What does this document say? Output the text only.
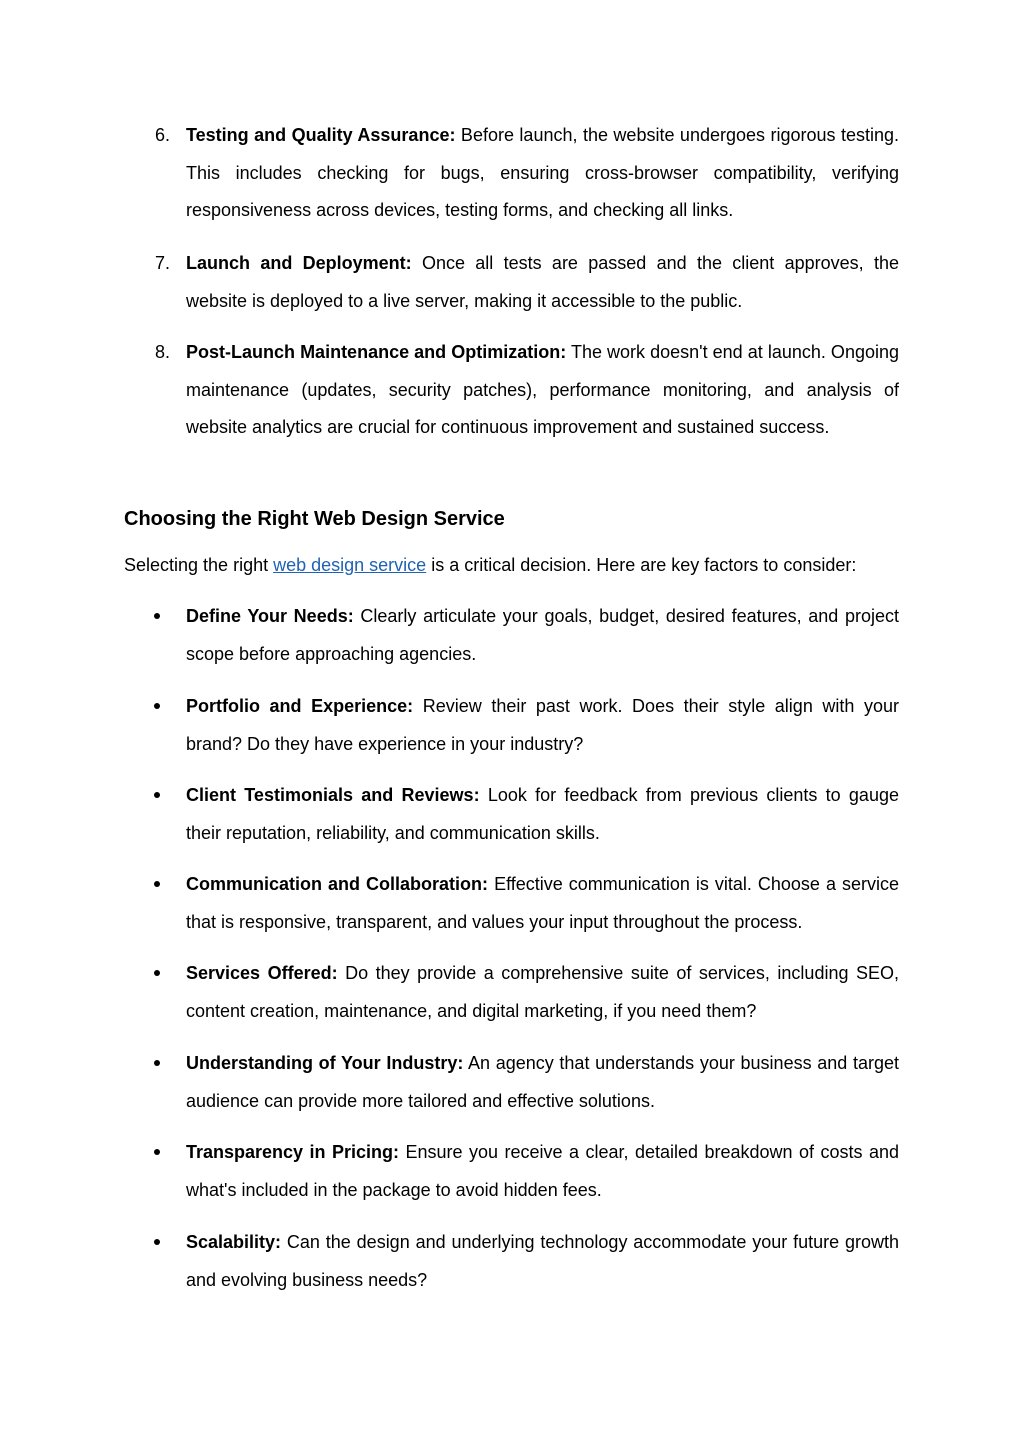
6. Testing and Quality Assurance: Before launch, the website undergoes rigorous testing. This includes checking for bugs, ensuring cross-browser compatibility, verifying responsiveness across devices, testing forms, and checking all links.

7. Launch and Deployment: Once all tests are passed and the client approves, the website is deployed to a live server, making it accessible to the public.

8. Post-Launch Maintenance and Optimization: The work doesn't end at launch. Ongoing maintenance (updates, security patches), performance monitoring, and analysis of website analytics are crucial for continuous improvement and sustained success.

Choosing the Right Web Design Service

Selecting the right web design service is a critical decision. Here are key factors to consider:

Define Your Needs: Clearly articulate your goals, budget, desired features, and project scope before approaching agencies.

Portfolio and Experience: Review their past work. Does their style align with your brand? Do they have experience in your industry?

Client Testimonials and Reviews: Look for feedback from previous clients to gauge their reputation, reliability, and communication skills.

Communication and Collaboration: Effective communication is vital. Choose a service that is responsive, transparent, and values your input throughout the process.

Services Offered: Do they provide a comprehensive suite of services, including SEO, content creation, maintenance, and digital marketing, if you need them?

Understanding of Your Industry: An agency that understands your business and target audience can provide more tailored and effective solutions.

Transparency in Pricing: Ensure you receive a clear, detailed breakdown of costs and what's included in the package to avoid hidden fees.

Scalability: Can the design and underlying technology accommodate your future growth and evolving business needs?
